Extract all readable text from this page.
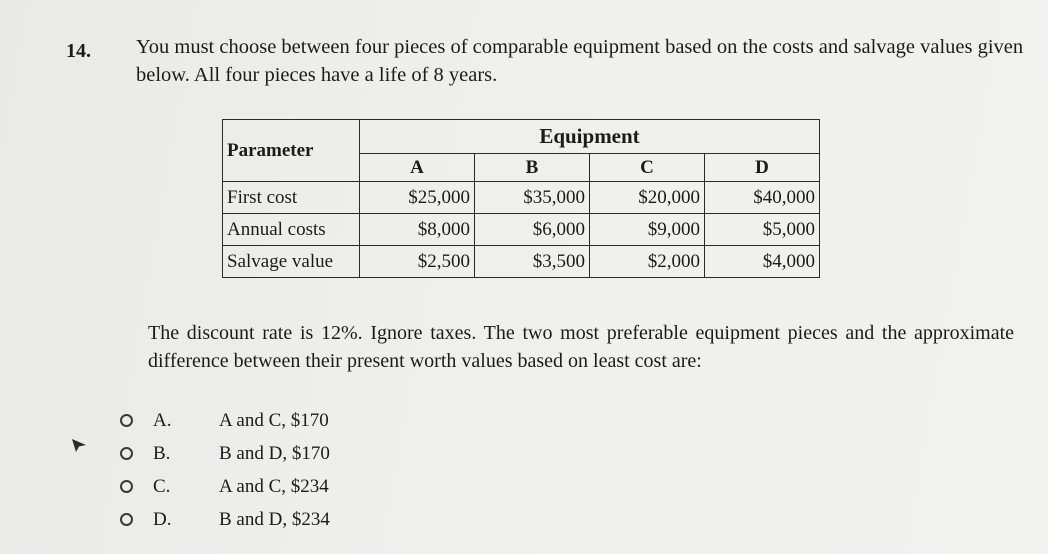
14. You must choose between four pieces of comparable equipment based on the costs and salvage values given below. All four pieces have a life of 8 years.
Parameter	Equipment			
	A	B	C	D
First cost	$25,000	$35,000	$20,000	$40,000
Annual costs	$8,000	$6,000	$9,000	$5,000
Salvage value	$2,500	$3,500	$2,000	$4,000
The discount rate is 12%. Ignore taxes. The two most preferable equipment pieces and the approximate difference between their present worth values based on least cost are:
A.	A and C, $170
B.	B and D, $170
C.	A and C, $234
D.	B and D, $234
